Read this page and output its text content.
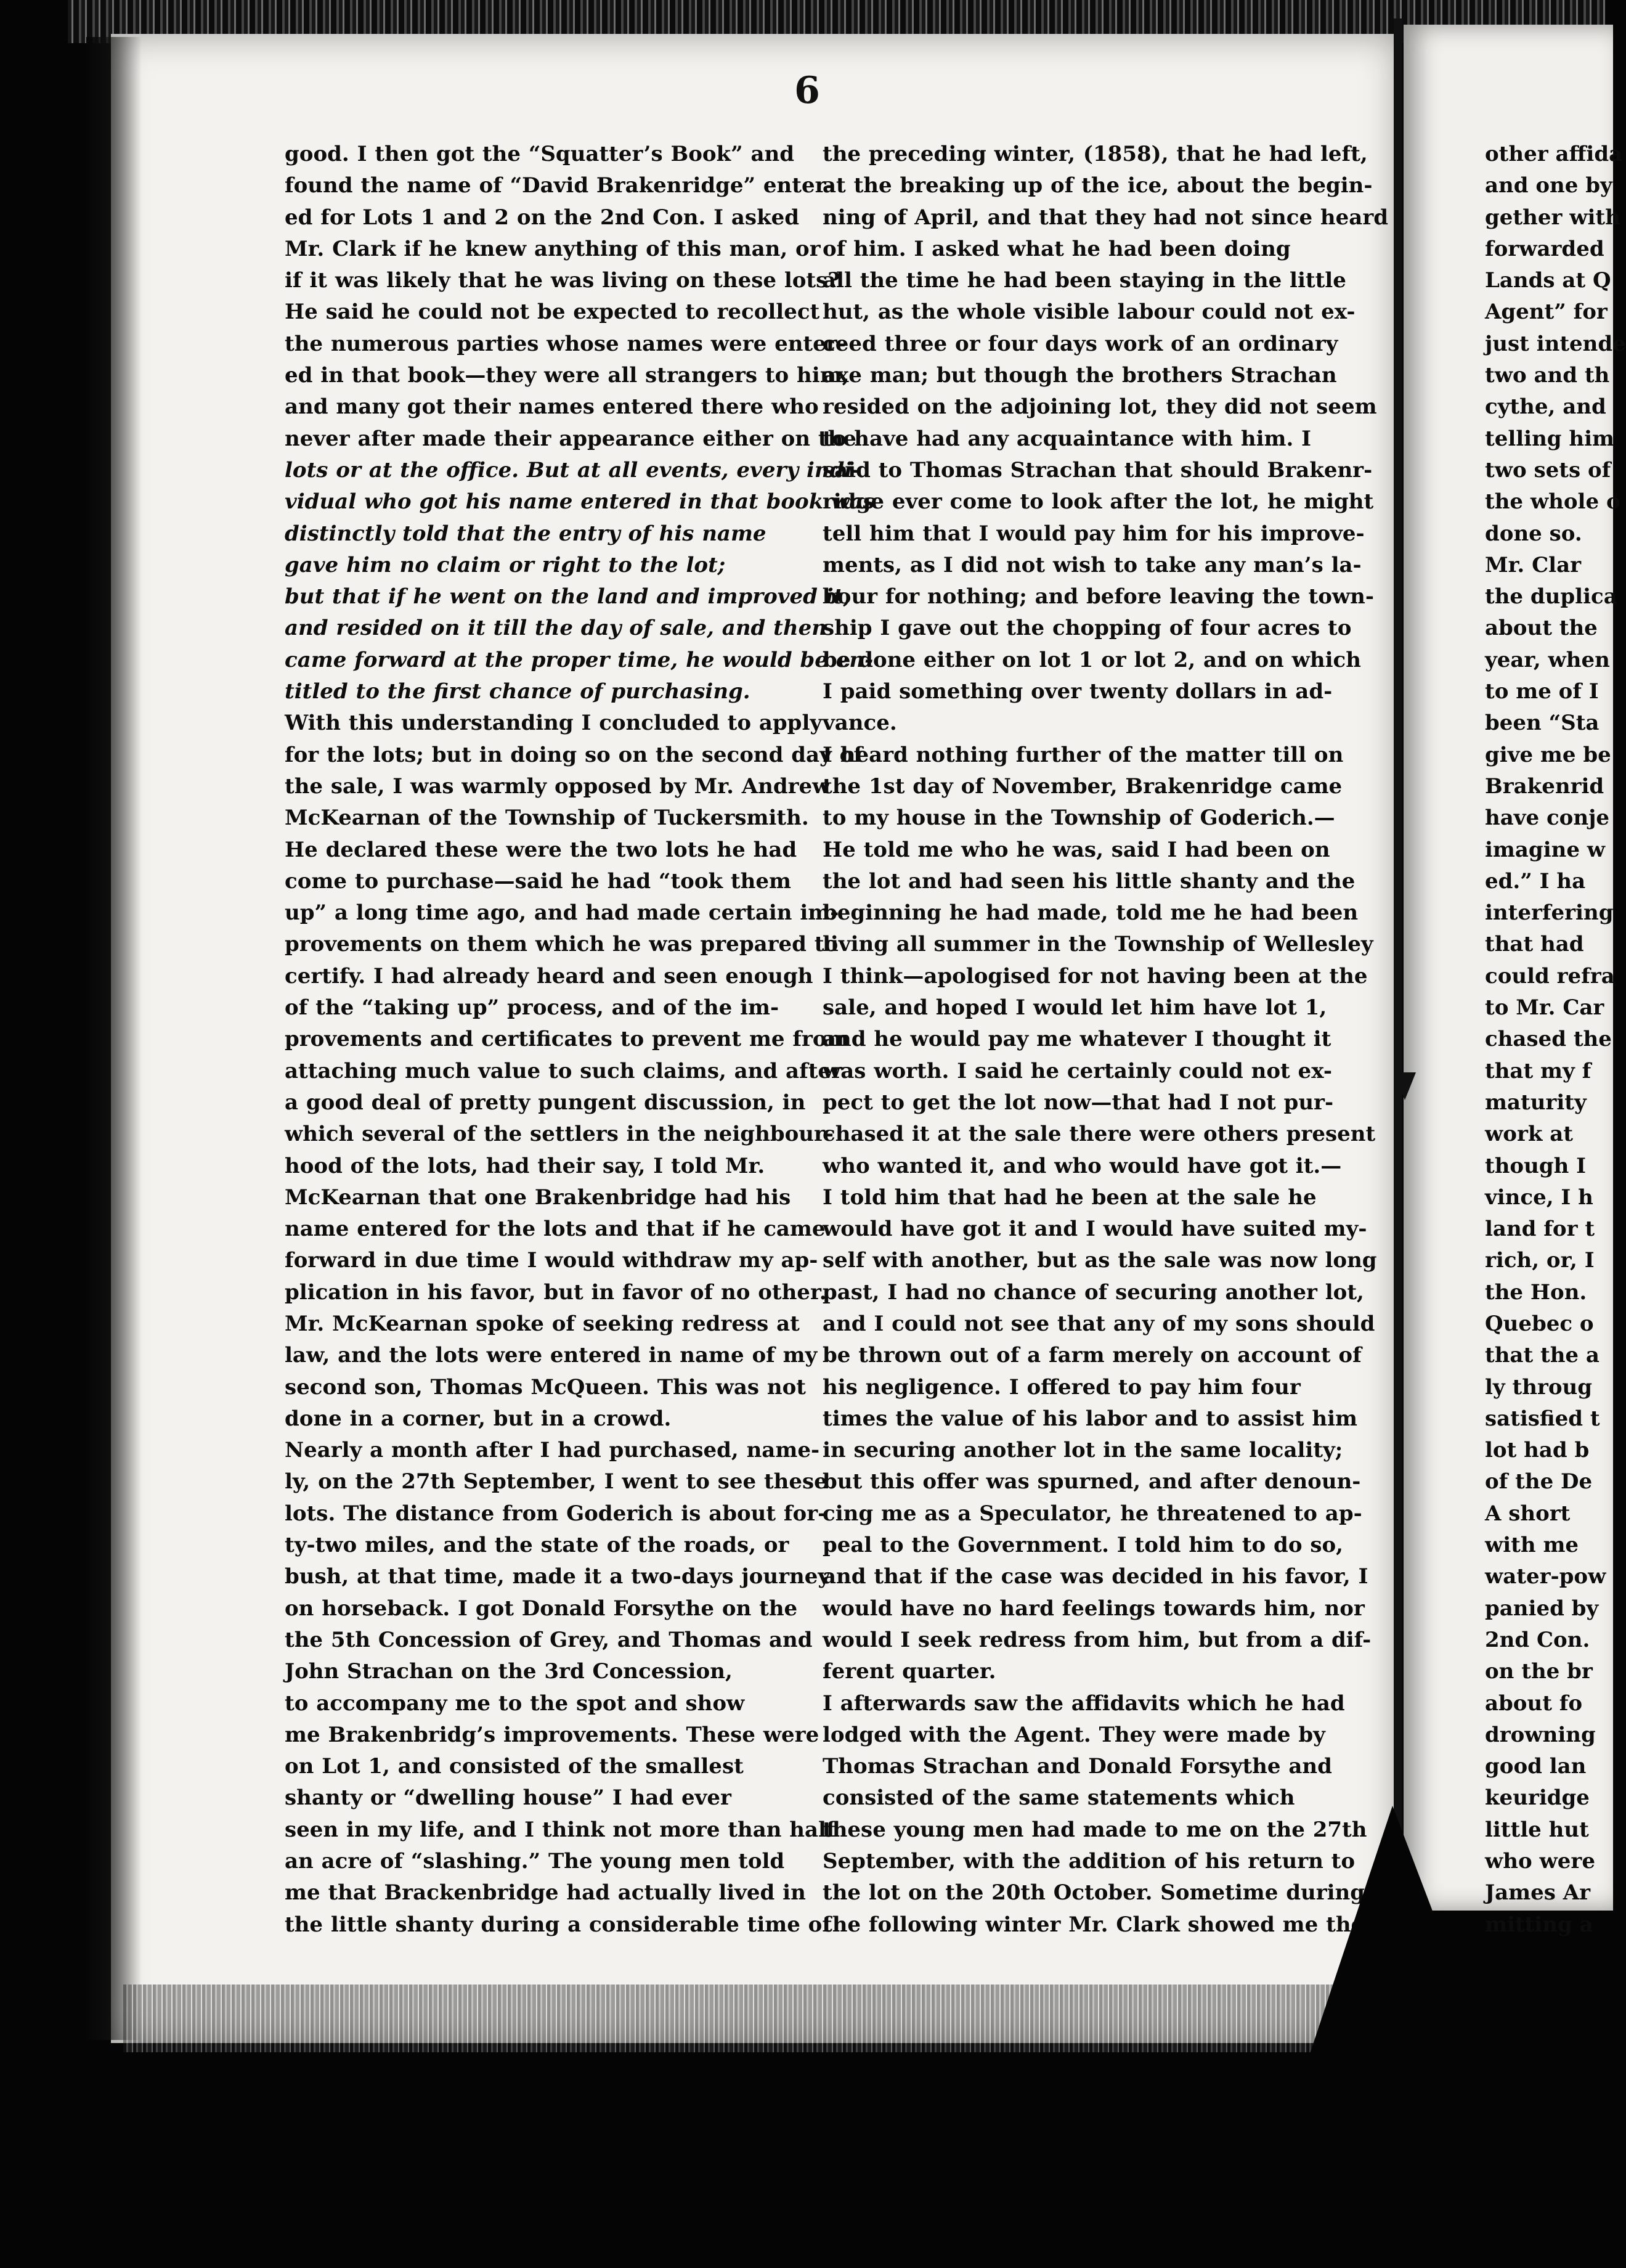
6
good. I then got the “Squatter’s Book” and
found the name of “David Brakenridge” enter-
ed for Lots 1 and 2 on the 2nd Con. I asked
Mr. Clark if he knew anything of this man, or
if it was likely that he was living on these lots?
He said he could not be expected to recollect
the numerous parties whose names were enter-
ed in that book—they were all strangers to him,
and many got their names entered there who
never after made their appearance either on the
lots or at the office. But at all events, every indi-
vidual who got his name entered in that book was
distinctly told that the entry of his name
gave him no claim or right to the lot;
but that if he went on the land and improved it,
and resided on it till the day of sale, and then
came forward at the proper time, he would be en-
titled to the first chance of purchasing.
With this understanding I concluded to apply
for the lots; but in doing so on the second day of
the sale, I was warmly opposed by Mr. Andrew
McKearnan of the Township of Tuckersmith.
He declared these were the two lots he had
come to purchase—said he had “took them
up” a long time ago, and had made certain im-
provements on them which he was prepared to
certify. I had already heard and seen enough
of the “taking up” process, and of the im-
provements and certificates to prevent me from
attaching much value to such claims, and after
a good deal of pretty pungent discussion, in
which several of the settlers in the neighbour-
hood of the lots, had their say, I told Mr.
McKearnan that one Brakenbridge had his
name entered for the lots and that if he came
forward in due time I would withdraw my ap-
plication in his favor, but in favor of no other.
Mr. McKearnan spoke of seeking redress at
law, and the lots were entered in name of my
second son, Thomas McQueen. This was not
done in a corner, but in a crowd.
Nearly a month after I had purchased, name-
ly, on the 27th September, I went to see these
lots. The distance from Goderich is about for-
ty-two miles, and the state of the roads, or
bush, at that time, made it a two-days journey
on horseback. I got Donald Forsythe on the
the 5th Concession of Grey, and Thomas and
John Strachan on the 3rd Concession,
to accompany me to the spot and show
me Brakenbridg’s improvements. These were
on Lot 1, and consisted of the smallest
shanty or “dwelling house” I had ever
seen in my life, and I think not more than half
an acre of “slashing.” The young men told
me that Brackenbridge had actually lived in
the little shanty during a considerable time of
the preceding winter, (1858), that he had left,
at the breaking up of the ice, about the begin-
ning of April, and that they had not since heard
of him. I asked what he had been doing
all the time he had been staying in the little
hut, as the whole visible labour could not ex-
ceed three or four days work of an ordinary
axe man; but though the brothers Strachan
resided on the adjoining lot, they did not seem
to have had any acquaintance with him. I
said to Thomas Strachan that should Brakenr-
ridge ever come to look after the lot, he might
tell him that I would pay him for his improve-
ments, as I did not wish to take any man’s la-
bour for nothing; and before leaving the town-
ship I gave out the chopping of four acres to
be done either on lot 1 or lot 2, and on which
I paid something over twenty dollars in ad-
vance.
I heard nothing further of the matter till on
the 1st day of November, Brakenridge came
to my house in the Township of Goderich.—
He told me who he was, said I had been on
the lot and had seen his little shanty and the
beginning he had made, told me he had been
living all summer in the Township of Wellesley
I think—apologised for not having been at the
sale, and hoped I would let him have lot 1,
and he would pay me whatever I thought it
was worth. I said he certainly could not ex-
pect to get the lot now—that had I not pur-
chased it at the sale there were others present
who wanted it, and who would have got it.—
I told him that had he been at the sale he
would have got it and I would have suited my-
self with another, but as the sale was now long
past, I had no chance of securing another lot,
and I could not see that any of my sons should
be thrown out of a farm merely on account of
his negligence. I offered to pay him four
times the value of his labor and to assist him
in securing another lot in the same locality;
but this offer was spurned, and after denoun-
cing me as a Speculator, he threatened to ap-
peal to the Government. I told him to do so,
and that if the case was decided in his favor, I
would have no hard feelings towards him, nor
would I seek redress from him, but from a dif-
ferent quarter.
I afterwards saw the affidavits which he had
lodged with the Agent. They were made by
Thomas Strachan and Donald Forsythe and
consisted of the same statements which
these young men had made to me on the 27th
September, with the addition of his return to
the lot on the 20th October. Sometime during
the following winter Mr. Clark showed me the
other affida
and one by
gether with
forwarded
Lands at Q
Agent” for
just intende
two and th
cythe, and
telling him
two sets of
the whole o
done so.
Mr. Clar
the duplica
about the
year, when
to me of I
been “Sta
give me be
Brakenrid
have conje
imagine w
ed.” I ha
interfering
that had
could refra
to Mr. Car
chased the
that my f
maturity
work at
though I
vince, I h
land for t
rich, or, I
the Hon.
Quebec o
that the a
ly throug
satisfied t
lot had b
of the De
A short
with me
water-pow
panied by
2nd Con.
on the br
about fo
drowning
good lan
keuridge
little hut
who were
James Ar
mitting a
